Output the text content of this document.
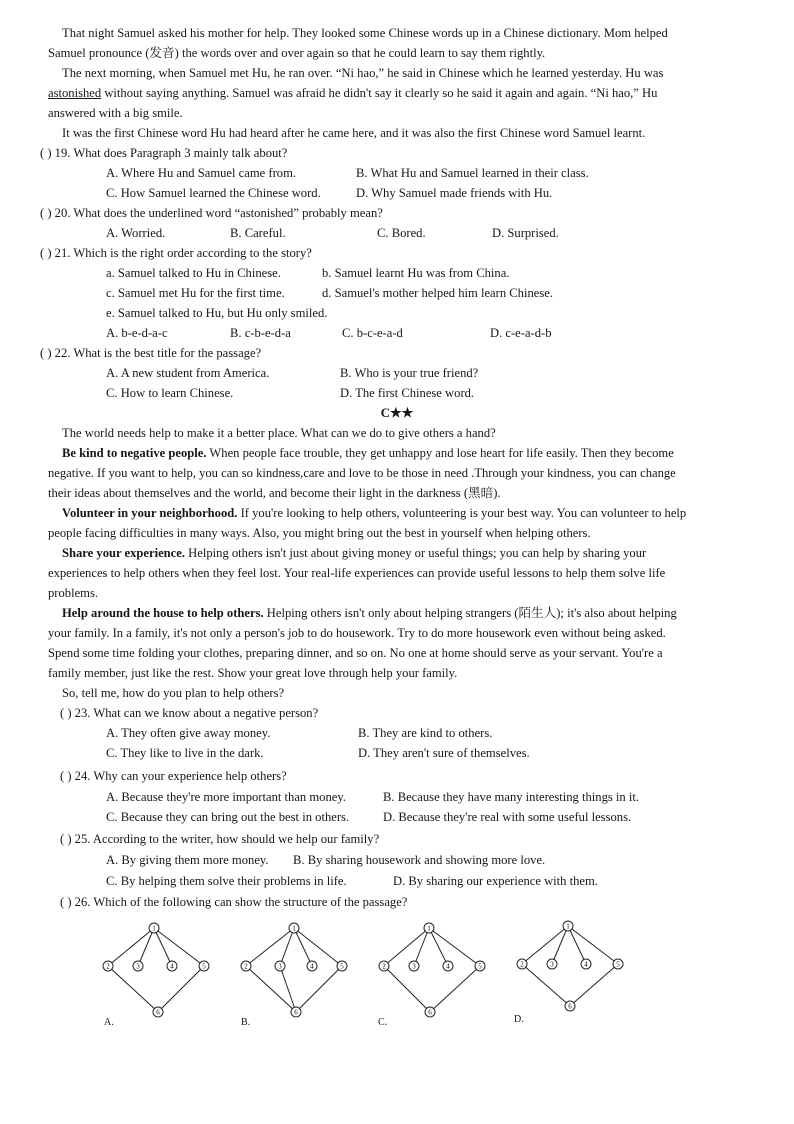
That night Samuel asked his mother for help. They looked some Chinese words up in a Chinese dictionary. Mom helped
Samuel pronounce (发音) the words over and over again so that he could learn to say them rightly.
The next morning, when Samuel met Hu, he ran over. “Ni hao,” he said in Chinese which he learned yesterday. Hu was
astonished without saying anything. Samuel was afraid he didn't say it clearly so he said it again and again. “Ni hao,” Hu
answered with a big smile.
It was the first Chinese word Hu had heard after he came here, and it was also the first Chinese word Samuel learnt.
( ) 19. What does Paragraph 3 mainly talk about?
A. Where Hu and Samuel came from.	B. What Hu and Samuel learned in their class.
C. How Samuel learned the Chinese word.	D. Why Samuel made friends with Hu.
( ) 20. What does the underlined word “astonished” probably mean?
A. Worried.	B. Careful.	C. Bored.	D. Surprised.
( ) 21. Which is the right order according to the story?
a. Samuel talked to Hu in Chinese.	b. Samuel learnt Hu was from China.
c. Samuel met Hu for the first time.	d. Samuel's mother helped him learn Chinese.
e. Samuel talked to Hu, but Hu only smiled.
A. b-e-d-a-c	B. c-b-e-d-a	C. b-c-e-a-d	D. c-e-a-d-b
( ) 22. What is the best title for the passage?
A. A new student from America.	B. Who is your true friend?
C. How to learn Chinese.	D. The first Chinese word.
C★★
The world needs help to make it a better place. What can we do to give others a hand?
Be kind to negative people. When people face trouble, they get unhappy and lose heart for life easily. Then they become
negative. If you want to help, you can so kindness,care and love to be those in need .Through your kindness, you can change
their ideas about themselves and the world, and become their light in the darkness (黑暗).
Volunteer in your neighborhood. If you're looking to help others, volunteering is your best way. You can volunteer to help
people facing difficulties in many ways. Also, you might bring out the best in yourself when helping others.
Share your experience. Helping others isn't just about giving money or useful things; you can help by sharing your
experiences to help others when they feel lost. Your real-life experiences can provide useful lessons to help them solve life
problems.
Help around the house to help others. Helping others isn't only about helping strangers (陌生人); it's also about helping
your family. In a family, it's not only a person's job to do housework. Try to do more housework even without being asked.
Spend some time folding your clothes, preparing dinner, and so on. No one at home should serve as your servant. You're a
family member, just like the rest. Show your great love through help your family.
So, tell me, how do you plan to help others?
( ) 23. What can we know about a negative person?
A. They often give away money.	B. They are kind to others.
C. They like to live in the dark.	D. They aren't sure of themselves.
( ) 24. Why can your experience help others?
A. Because they're more important than money.	B. Because they have many interesting things in it.
C. Because they can bring out the best in others.	D. Because they're real with some useful lessons.
( ) 25. According to the writer, how should we help our family?
A. By giving them more money. B. By sharing housework and showing more love.
C. By helping them solve their problems in life.	D. By sharing our experience with them.
( ) 26. Which of the following can show the structure of the passage?
1
2	3	4	5
6
A.
1
2	3	4	5
6
B.
1
2	3	4	5
6
C.
1
2	3	4	5
6
D.
